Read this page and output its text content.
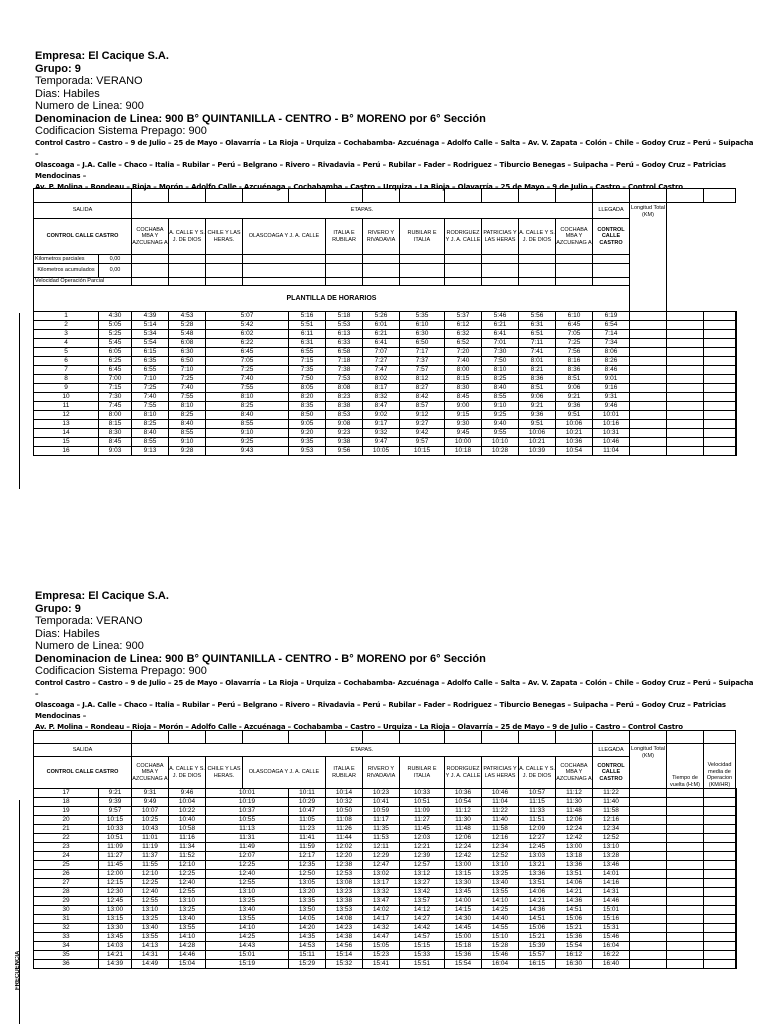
Empresa: El Cacique S.A.
Grupo: 9
Temporada: VERANO
Dias: Habiles
Numero de Linea: 900
Denominacion de Linea: 900 B° QUINTANILLA - CENTRO - B° MORENO por 6° Sección
Codificacion Sistema Prepago: 900
Control Castro – Castro – 9 de Julio – 25 de Mayo – Olavarría – La Rioja – Urquiza – Cochabamba- Azcuénaga – Adolfo Calle – Salta – Av. V. Zapata – Colón – Chile – Godoy Cruz – Perú – Suipacha –
Olascoaga – J.A. Calle – Chaco – Italia – Rubilar – Perú – Belgrano – Rivero – Rivadavia – Perú – Rubilar – Fader – Rodriguez – Tiburcio Benegas – Suipacha – Perú – Godoy Cruz – Patricias Mendocinas –
Av. P. Molina – Rondeau – Rioja – Morón – Adolfo Calle - Azcuénaga – Cochabamba – Castro – Urquiza - La Rioja – Olavarría – 25 de Mayo – 9 de Julio – Castro – Control Castro

SALIDA		ETAPAS.												LLEGADA	Longitud Total (KM)			
CONTROL CALLE CASTRO		COCHABA MBA Y AZCUENAG A	A. CALLE Y S. J. DE DIOS	CHILE Y LAS HERAS.	OLASCOAGA Y J. A. CALLE		ITALIA E RUBILAR	RIVERO Y RIVADAVIA	RUBILAR E ITALIA	RODRIGUEZ Y J. A. CALLE	PATRICIAS Y LAS HERAS	A. CALLE Y S. J. DE DIOS	COCHABA MBA Y AZCUENAG A	CONTROL CALLE CASTRO				
Kilometros parciales	0,00																	
Kilometros acumulados	0,00																	
Velocidad Operación Parcial																		
PLANTILLA DE HORARIOS																		
1	4:30	4:39	4:53	5:07		5:16	5:18	5:26	5:35	5:37	5:46	5:56	6:10	6:19				
2	5:05	5:14	5:28	5:42		5:51	5:53	6:01	6:10	6:12	6:21	6:31	6:45	6:54				
3	5:25	5:34	5:48	6:02		6:11	6:13	6:21	6:30	6:32	6:41	6:51	7:05	7:14				
4	5:45	5:54	6:08	6:22		6:31	6:33	6:41	6:50	6:52	7:01	7:11	7:25	7:34				
5	6:05	6:15	6:30	6:45		6:55	6:58	7:07	7:17	7:20	7:30	7:41	7:56	8:06				
6	6:25	6:35	6:50	7:05		7:15	7:18	7:27	7:37	7:40	7:50	8:01	8:16	8:26				
7	6:45	6:55	7:10	7:25		7:35	7:38	7:47	7:57	8:00	8:10	8:21	8:36	8:46				
8	7:00	7:10	7:25	7:40		7:50	7:53	8:02	8:12	8:15	8:25	8:36	8:51	9:01				
9	7:15	7:25	7:40	7:55		8:05	8:08	8:17	8:27	8:30	8:40	8:51	9:06	9:16				
10	7:30	7:40	7:55	8:10		8:20	8:23	8:32	8:42	8:45	8:55	9:06	9:21	9:31				
11	7:45	7:55	8:10	8:25		8:35	8:38	8:47	8:57	9:00	9:10	9:21	9:36	9:46				
12	8:00	8:10	8:25	8:40		8:50	8:53	9:02	9:12	9:15	9:25	9:36	9:51	10:01				
13	8:15	8:25	8:40	8:55		9:05	9:08	9:17	9:27	9:30	9:40	9:51	10:06	10:16				
14	8:30	8:40	8:55	9:10		9:20	9:23	9:32	9:42	9:45	9:55	10:06	10:21	10:31				
15	8:45	8:55	9:10	9:25		9:35	9:38	9:47	9:57	10:00	10:10	10:21	10:36	10:46				
16	9:03	9:13	9:28	9:43		9:53	9:56	10:05	10:15	10:18	10:28	10:39	10:54	11:04				
Empresa: El Cacique S.A.
Grupo: 9
Temporada: VERANO
Dias: Habiles
Numero de Linea: 900
Denominacion de Linea: 900 B° QUINTANILLA - CENTRO - B° MORENO por 6° Sección
Codificacion Sistema Prepago: 900
Control Castro – Castro – 9 de Julio – 25 de Mayo – Olavarría – La Rioja – Urquiza – Cochabamba- Azcuénaga – Adolfo Calle – Salta – Av. V. Zapata – Colón – Chile – Godoy Cruz – Perú – Suipacha –
Olascoaga – J.A. Calle – Chaco – Italia – Rubilar – Perú – Belgrano – Rivero – Rivadavia – Perú – Rubilar – Fader – Rodriguez – Tiburcio Benegas – Suipacha – Perú – Godoy Cruz – Patricias Mendocinas –
Av. P. Molina – Rondeau – Rioja – Morón – Adolfo Calle - Azcuénaga – Cochabamba – Castro – Urquiza - La Rioja – Olavarría – 25 de Mayo – 9 de Julio – Castro – Control Castro

SALIDA		ETAPAS.												LLEGADA	Longitud Total (KM)	Tiempo de vuelta (H:M)	Velocidad media de Operacion (KM/HR)	
CONTROL CALLE CASTRO		COCHABA MBA Y AZCUENAG A	A. CALLE Y S. J. DE DIOS	CHILE Y LAS HERAS.	OLASCOAGA Y J. A. CALLE		ITALIA E RUBILAR	RIVERO Y RIVADAVIA	RUBILAR E ITALIA	RODRIGUEZ Y J. A. CALLE	PATRICIAS Y LAS HERAS	A. CALLE Y S. J. DE DIOS	COCHABA MBA Y AZCUENAG A	CONTROL CALLE CASTRO				
17	9:21	9:31	9:46	10:01		10:11	10:14	10:23	10:33	10:36	10:46	10:57	11:12	11:22				
18	9:39	9:49	10:04	10:19		10:29	10:32	10:41	10:51	10:54	11:04	11:15	11:30	11:40				
19	9:57	10:07	10:22	10:37		10:47	10:50	10:59	11:09	11:12	11:22	11:33	11:48	11:58				
20	10:15	10:25	10:40	10:55		11:05	11:08	11:17	11:27	11:30	11:40	11:51	12:06	12:16				
21	10:33	10:43	10:58	11:13		11:23	11:26	11:35	11:45	11:48	11:58	12:09	12:24	12:34				
22	10:51	11:01	11:16	11:31		11:41	11:44	11:53	12:03	12:06	12:16	12:27	12:42	12:52				
23	11:09	11:19	11:34	11:49		11:59	12:02	12:11	12:21	12:24	12:34	12:45	13:00	13:10				
24	11:27	11:37	11:52	12:07		12:17	12:20	12:29	12:39	12:42	12:52	13:03	13:18	13:28				
25	11:45	11:55	12:10	12:25		12:35	12:38	12:47	12:57	13:00	13:10	13:21	13:36	13:46				
26	12:00	12:10	12:25	12:40		12:50	12:53	13:02	13:12	13:15	13:25	13:36	13:51	14:01				
27	12:15	12:25	12:40	12:55		13:05	13:08	13:17	13:27	13:30	13:40	13:51	14:06	14:16				
28	12:30	12:40	12:55	13:10		13:20	13:23	13:32	13:42	13:45	13:55	14:06	14:21	14:31				
29	12:45	12:55	13:10	13:25		13:35	13:38	13:47	13:57	14:00	14:10	14:21	14:36	14:46				
30	13:00	13:10	13:25	13:40		13:50	13:53	14:02	14:12	14:15	14:25	14:36	14:51	15:01				
31	13:15	13:25	13:40	13:55		14:05	14:08	14:17	14:27	14:30	14:40	14:51	15:06	15:16				
32	13:30	13:40	13:55	14:10		14:20	14:23	14:32	14:42	14:45	14:55	15:06	15:21	15:31				
33	13:45	13:55	14:10	14:25		14:35	14:38	14:47	14:57	15:00	15:10	15:21	15:36	15:46				
34	14:03	14:13	14:28	14:43		14:53	14:56	15:05	15:15	15:18	15:28	15:39	15:54	16:04				
35	14:21	14:31	14:46	15:01		15:11	15:14	15:23	15:33	15:36	15:46	15:57	16:12	16:22				
36	14:39	14:49	15:04	15:19		15:29	15:32	15:41	15:51	15:54	16:04	16:15	16:30	16:40				
FRECUENCIA
